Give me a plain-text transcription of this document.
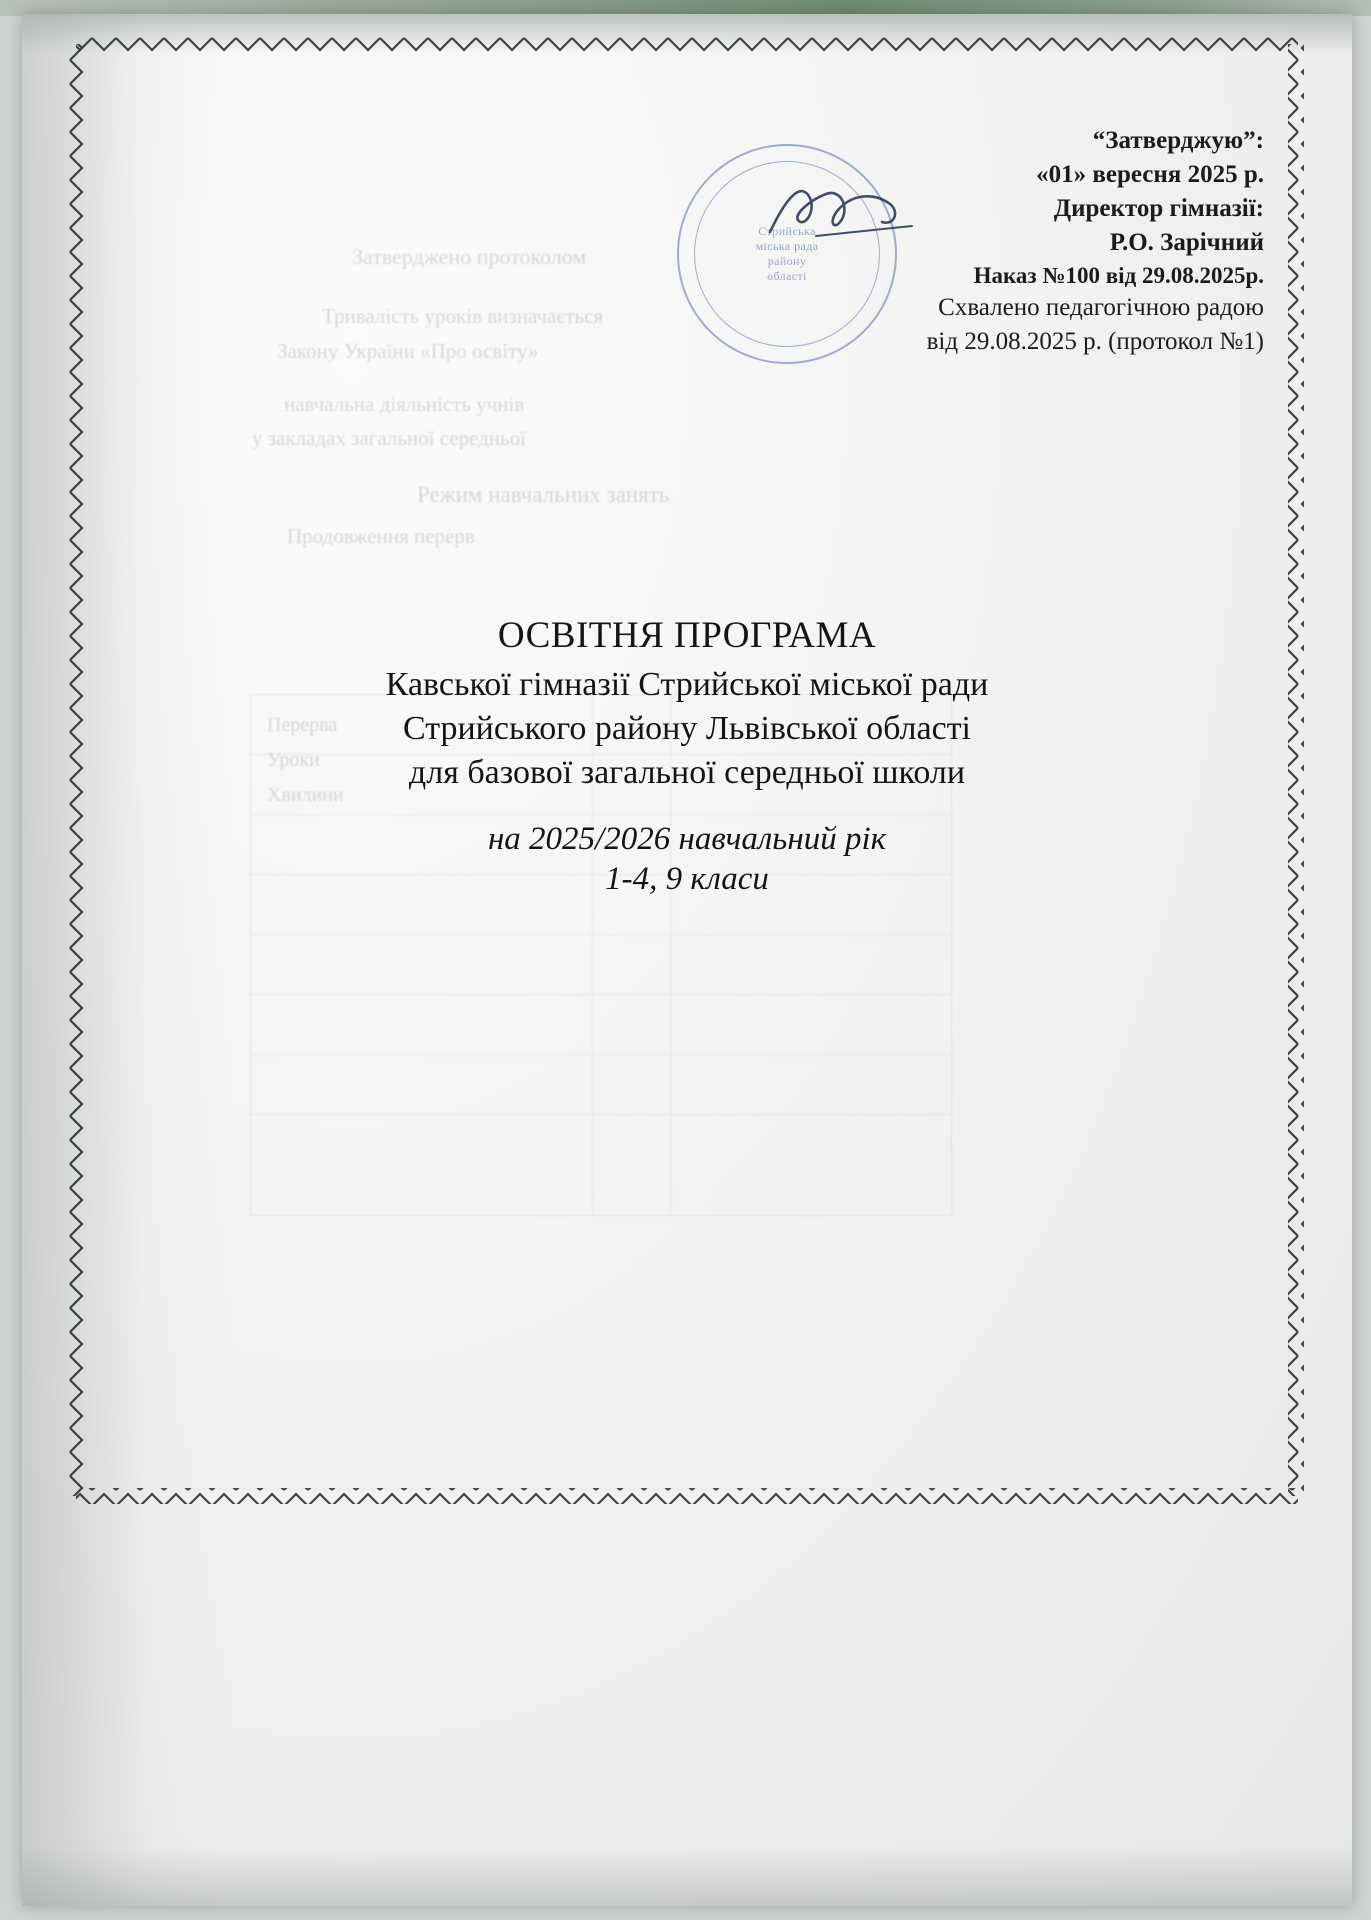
Затверджено протоколом
Тривалість уроків визначається
Закону України «Про освіту»
навчальна діяльність учнів
у закладах загальної середньої
Режим навчальних занять
Продовження перерв
Перерва
Уроки
Хвилини
Стрийська
міська рада
району
області
“Затверджую”:
«01» вересня 2025 р.
Директор гімназії:
Р.О. Зарічний
Наказ №100 від 29.08.2025р.
Схвалено педагогічною радою
від 29.08.2025 р. (протокол №1)
ОСВІТНЯ ПРОГРАМА
Кавської гімназії Стрийської міської ради
Стрийського району Львівської області
для базової загальної середньої школи
на 2025/2026 навчальний рік
1-4, 9 класи
